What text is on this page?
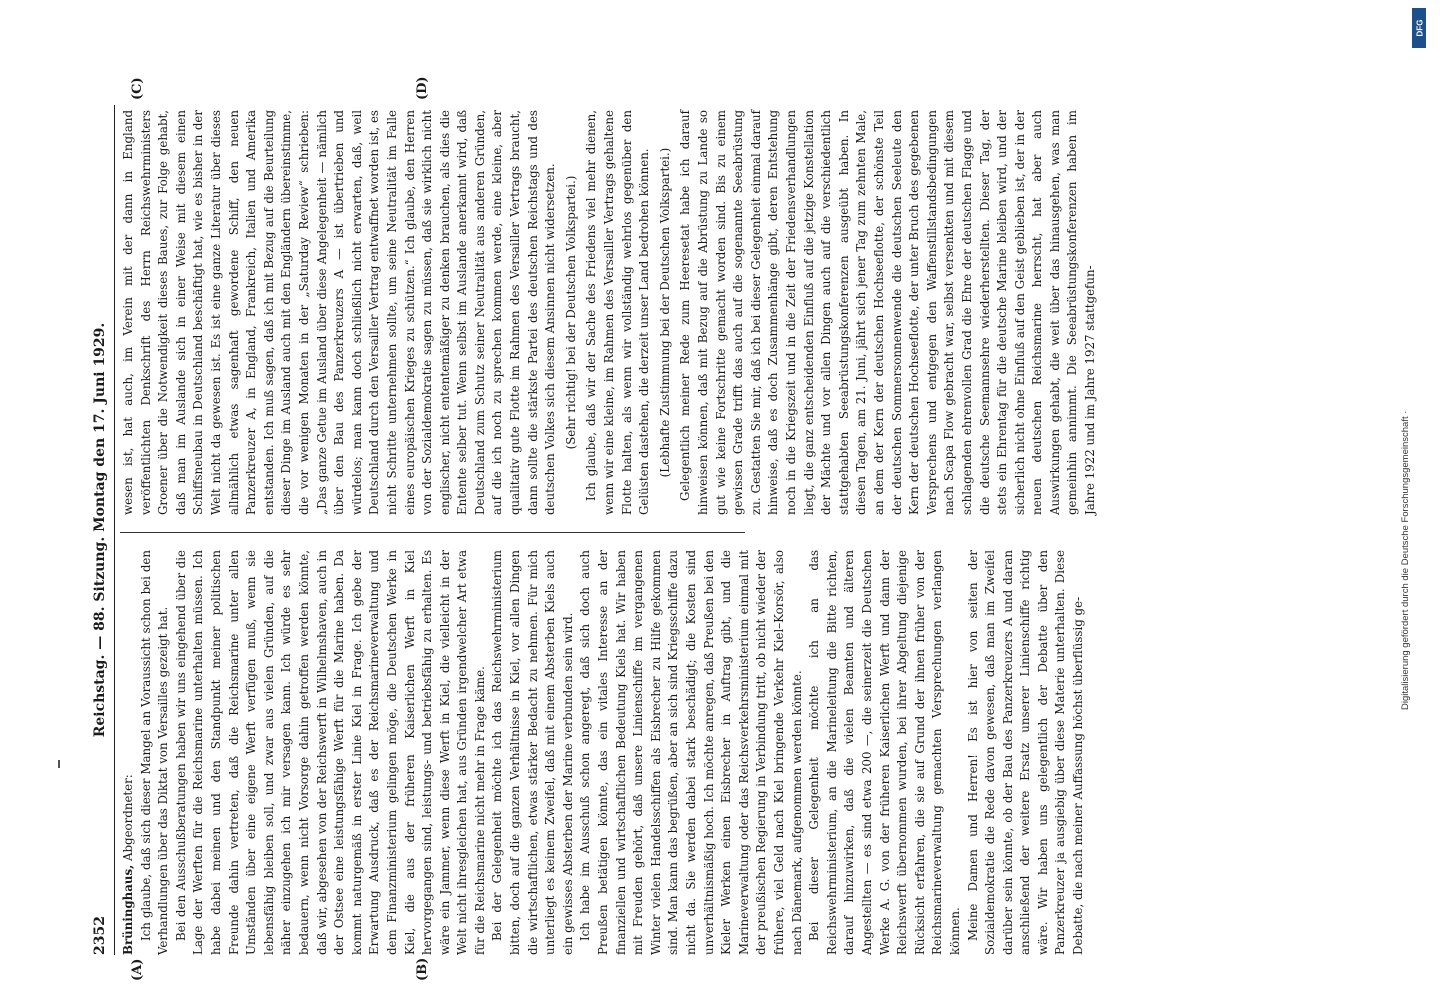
DFG
Digitalisierung gefördert durch die Deutsche Forschungsgemeinschaft ·
2352
Reichstag. — 88. Sitzung. Montag den 17. Juni 1929.
(A)	(B)
(C)	(D)

Brüninghaus, Abgeordneter: Ich glaube, daß sich dieser Mangel an Voraussicht schon bei den Verhandlungen über das Diktat von Versailles gezeigt hat. Bei den Ausschußberatungen haben wir uns eingehend über die Lage der Werften für die Reichsmarine unterhalten müssen. Ich habe dabei meinen und den Standpunkt meiner politischen Freunde dahin vertreten, daß die Reichsmarine unter allen Umständen über eine eigene Werft verfügen muß, wenn sie lebensfähig bleiben soll, und zwar aus vielen Gründen, auf die näher einzugehen ich mir versagen kann. Ich würde es sehr bedauern, wenn nicht Vorsorge dahin getroffen werden könnte, daß wir, abgesehen von der Reichswerft in Wilhelmshaven, auch in der Ostsee eine leistungsfähige Werft für die Marine haben. Da kommt naturgemäß in erster Linie Kiel in Frage. Ich gebe der Erwartung Ausdruck, daß es der Reichsmarineverwaltung und dem Finanzministerium gelingen möge, die Deutschen Werke in Kiel, die aus der früheren Kaiserlichen Werft in Kiel hervorgegangen sind, leistungs- und betriebsfähig zu erhalten. Es wäre ein Jammer, wenn diese Werft in Kiel, die vielleicht in der Welt nicht ihresgleichen hat, aus Gründen irgendwelcher Art etwa für die Reichsmarine nicht mehr in Frage käme. Bei der Gelegenheit möchte ich das Reichswehrministerium bitten, doch auf die ganzen Verhältnisse in Kiel, vor allen Dingen die wirtschaftlichen, etwas stärker Bedacht zu nehmen. Für mich unterliegt es keinem Zweifel, daß mit einem Absterben Kiels auch ein gewisses Absterben der Marine verbunden sein wird. Ich habe im Ausschuß schon angeregt, daß sich doch auch Preußen betätigen könnte, das ein vitales Interesse an der finanziellen und wirtschaftlichen Bedeutung Kiels hat. Wir haben mit Freuden gehört, daß unsere Linienschiffe im vergangenen Winter vielen Handelsschiffen als Eisbrecher zu Hilfe gekommen sind. Man kann das begrüßen, aber an sich sind Kriegsschiffe dazu nicht da. Sie werden dabei stark beschädigt; die Kosten sind unverhältnismäßig hoch. Ich möchte anregen, daß Preußen bei den Kieler Werken einen Eisbrecher in Auftrag gibt, und die Marineverwaltung oder das Reichsverkehrsministerium einmal mit der preußischen Regierung in Verbindung tritt, ob nicht wieder der frühere, viel Geld nach Kiel bringende Verkehr Kiel–Korsör, also nach Dänemark, aufgenommen werden könnte. Bei dieser Gelegenheit möchte ich an das Reichswehrministerium, an die Marineleitung die Bitte richten, darauf hinzuwirken, daß die vielen Beamten und älteren Angestellten — es sind etwa 200 —, die seinerzeit die Deutschen Werke A. G. von der früheren Kaiserlichen Werft und dann der Reichswerft übernommen wurden, bei ihrer Abgeltung diejenige Rücksicht erfahren, die sie auf Grund der ihnen früher von der Reichsmarineverwaltung gemachten Versprechungen verlangen können. Meine Damen und Herren! Es ist hier von seiten der Sozialdemokratie die Rede davon gewesen, daß man im Zweifel darüber sein könnte, ob der Bau des Panzerkreuzers A und daran anschließend der weitere Ersatz unserer Linienschiffe richtig wäre. Wir haben uns gelegentlich der Debatte über den Panzerkreuzer ja ausgiebig über diese Materie unterhalten. Diese Debatte, die nach meiner Auffassung höchst überflüssig ge-

wesen ist, hat auch, im Verein mit der dann in England veröffentlichten Denkschrift des Herrn Reichswehrministers Groener über die Notwendigkeit dieses Baues, zur Folge gehabt, daß man im Auslande sich in einer Weise mit diesem einen Schiffsneubau in Deutschland beschäftigt hat, wie es bisher in der Welt nicht da gewesen ist. Es ist eine ganze Literatur über dieses allmählich etwas sagenhaft gewordene Schiff, den neuen Panzerkreuzer A, in England, Frankreich, Italien und Amerika entstanden. Ich muß sagen, daß ich mit Bezug auf die Beurteilung dieser Dinge im Ausland auch mit den Engländern übereinstimme, die vor wenigen Monaten in der „Saturday Review“ schrieben: „Das ganze Getue im Ausland über diese Angelegenheit — nämlich über den Bau des Panzerkreuzers A — ist übertrieben und würdelos; man kann doch schließlich nicht erwarten, daß, weil Deutschland durch den Versailler Vertrag entwaffnet worden ist, es nicht Schritte unternehmen sollte, um seine Neutralität im Falle eines europäischen Krieges zu schützen.“ Ich glaube, den Herren von der Sozialdemokratie sagen zu müssen, daß sie wirklich nicht englischer, nicht ententemäßiger zu denken brauchen, als dies die Entente selber tut. Wenn selbst im Auslande anerkannt wird, daß Deutschland zum Schutz seiner Neutralität aus anderen Gründen, auf die ich noch zu sprechen kommen werde, eine kleine, aber qualitativ gute Flotte im Rahmen des Versailler Vertrags braucht, dann sollte die stärkste Partei des deutschen Reichstags und des deutschen Volkes sich diesem Ansinnen nicht widersetzen. (Sehr richtig! bei der Deutschen Volkspartei.) Ich glaube, daß wir der Sache des Friedens viel mehr dienen, wenn wir eine kleine, im Rahmen des Versailler Vertrags gehaltene Flotte halten, als wenn wir vollständig wehrlos gegenüber den Gelüsten dastehen, die derzeit unser Land bedrohen können. (Lebhafte Zustimmung bei der Deutschen Volkspartei.) Gelegentlich meiner Rede zum Heeresetat habe ich darauf hinweisen können, daß mit Bezug auf die Abrüstung zu Lande so gut wie keine Fortschritte gemacht worden sind. Bis zu einem gewissen Grade trifft das auch auf die sogenannte Seeabrüstung zu. Gestatten Sie mir, daß ich bei dieser Gelegenheit einmal darauf hinweise, daß es doch Zusammenhänge gibt, deren Entstehung noch in die Kriegszeit und in die Zeit der Friedensverhandlungen liegt, die ganz entscheidenden Einfluß auf die jetzige Konstellation der Mächte und vor allen Dingen auch auf die verschiedentlich stattgehabten Seeabrüstungskonferenzen ausgeübt haben. In diesen Tagen, am 21. Juni, jährt sich jener Tag zum zehnten Male, an dem der Kern der deutschen Hochseeflotte, der schönste Teil der deutschen Sommersonnenwende die deutschen Seeleute den Kern der deutschen Hochseeflotte, der unter Bruch des gegebenen Versprechens und entgegen den Waffenstillstandsbedingungen nach Scapa Flow gebracht war, selbst versenkten und mit diesem schlagenden ehrenvollen Grad die Ehre der deutschen Flagge und die deutsche Seemannsehre wiederherstellten. Dieser Tag, der stets ein Ehrentag für die deutsche Marine bleiben wird, und der sicherlich nicht ohne Einfluß auf den Geist geblieben ist, der in der neuen deutschen Reichsmarine herrscht, hat aber auch Auswirkungen gehabt, die weit über das hinausgehen, was man gemeinhin annimmt. Die Seeabrüstungskonferenzen haben im Jahre 1922 und im Jahre 1927 stattgefun-
